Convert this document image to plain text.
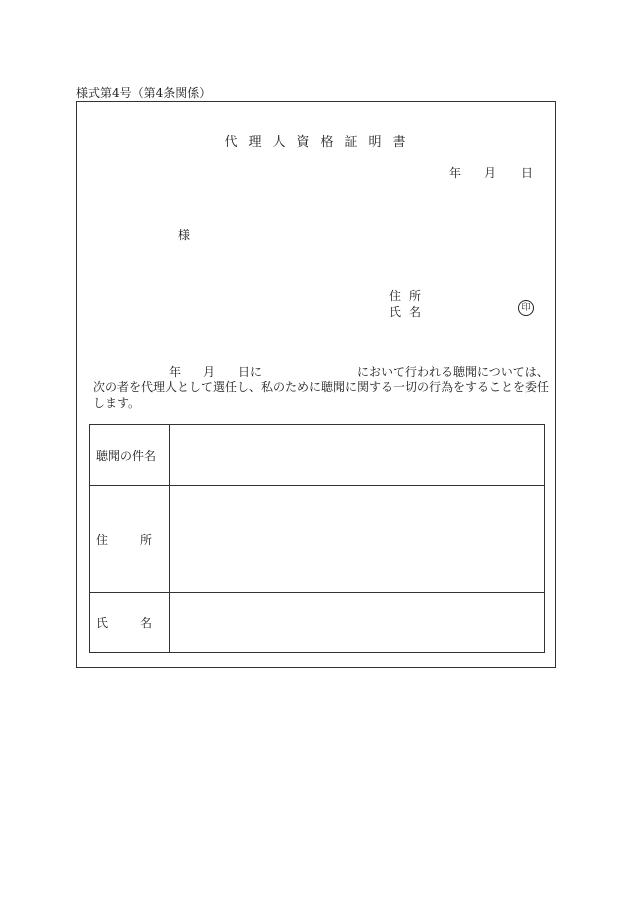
様式第4号（第4条関係）
代理人資格証明書
年 月 日
様
住所
氏名	印
年 月 日に	において行われる聴聞については、
次の者を代理人として選任し、私のために聴聞に関する一切の行為をすることを委任
します。
聴聞の件名	

住 所	

氏 名	
